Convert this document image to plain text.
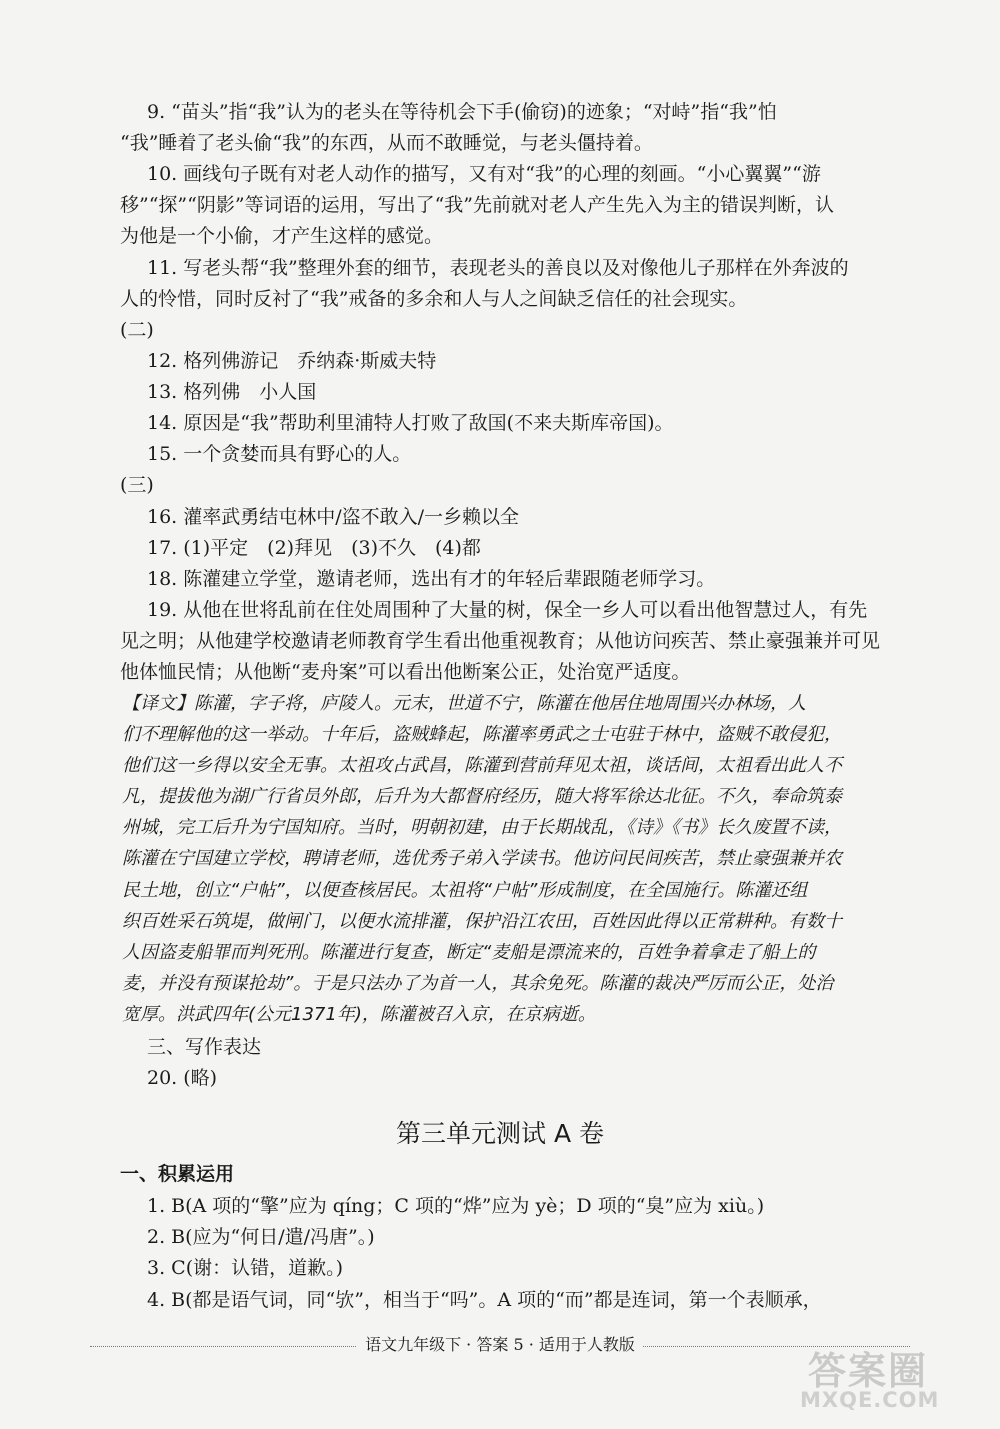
9. “苗头”指“我”认为的老头在等待机会下手(偷窃)的迹象；“对峙”指“我”怕
“我”睡着了老头偷“我”的东西，从而不敢睡觉，与老头僵持着。
10. 画线句子既有对老人动作的描写，又有对“我”的心理的刻画。“小心翼翼”“游
移”“探”“阴影”等词语的运用，写出了“我”先前就对老人产生先入为主的错误判断，认
为他是一个小偷，才产生这样的感觉。
11. 写老头帮“我”整理外套的细节，表现老头的善良以及对像他儿子那样在外奔波的
人的怜惜，同时反衬了“我”戒备的多余和人与人之间缺乏信任的社会现实。
(二)
12. 格列佛游记　乔纳森·斯威夫特
13. 格列佛　小人国
14. 原因是“我”帮助利里浦特人打败了敌国(不来夫斯库帝国)。
15. 一个贪婪而具有野心的人。
(三)
16. 灌率武勇结屯林中/盗不敢入/一乡赖以全
17. (1)平定　(2)拜见　(3)不久　(4)都
18. 陈灌建立学堂，邀请老师，选出有才的年轻后辈跟随老师学习。
19. 从他在世将乱前在住处周围种了大量的树，保全一乡人可以看出他智慧过人，有先
见之明；从他建学校邀请老师教育学生看出他重视教育；从他访问疾苦、禁止豪强兼并可见
他体恤民情；从他断“麦舟案”可以看出他断案公正，处治宽严适度。
【译文】陈灌，字子将，庐陵人。元末，世道不宁，陈灌在他居住地周围兴办林场，人
们不理解他的这一举动。十年后，盗贼蜂起，陈灌率勇武之士屯驻于林中，盗贼不敢侵犯，
他们这一乡得以安全无事。太祖攻占武昌，陈灌到营前拜见太祖，谈话间，太祖看出此人不
凡，提拔他为湖广行省员外郎，后升为大都督府经历，随大将军徐达北征。不久，奉命筑泰
州城，完工后升为宁国知府。当时，明朝初建，由于长期战乱，《诗》《书》长久废置不读，
陈灌在宁国建立学校，聘请老师，选优秀子弟入学读书。他访问民间疾苦，禁止豪强兼并农
民土地，创立“户帖”，以便查核居民。太祖将“户帖”形成制度，在全国施行。陈灌还组
织百姓采石筑堤，做闸门，以便水流排灌，保护沿江农田，百姓因此得以正常耕种。有数十
人因盗麦船罪而判死刑。陈灌进行复查，断定“麦船是漂流来的，百姓争着拿走了船上的
麦，并没有预谋抢劫”。于是只法办了为首一人，其余免死。陈灌的裁决严厉而公正，处治
宽厚。洪武四年(公元1371年)，陈灌被召入京，在京病逝。
三、写作表达
20. (略)
第三单元测试 A 卷
一、积累运用
1. B(A 项的“擎”应为 qíng；C 项的“烨”应为 yè；D 项的“臭”应为 xiù。)
2. B(应为“何日/遣/冯唐”。)
3. C(谢：认错，道歉。)
4. B(都是语气词，同“欤”，相当于“吗”。A 项的“而”都是连词，第一个表顺承，
语文九年级下 · 答案 5 · 适用于人教版
答案圈
MXQE.COM
